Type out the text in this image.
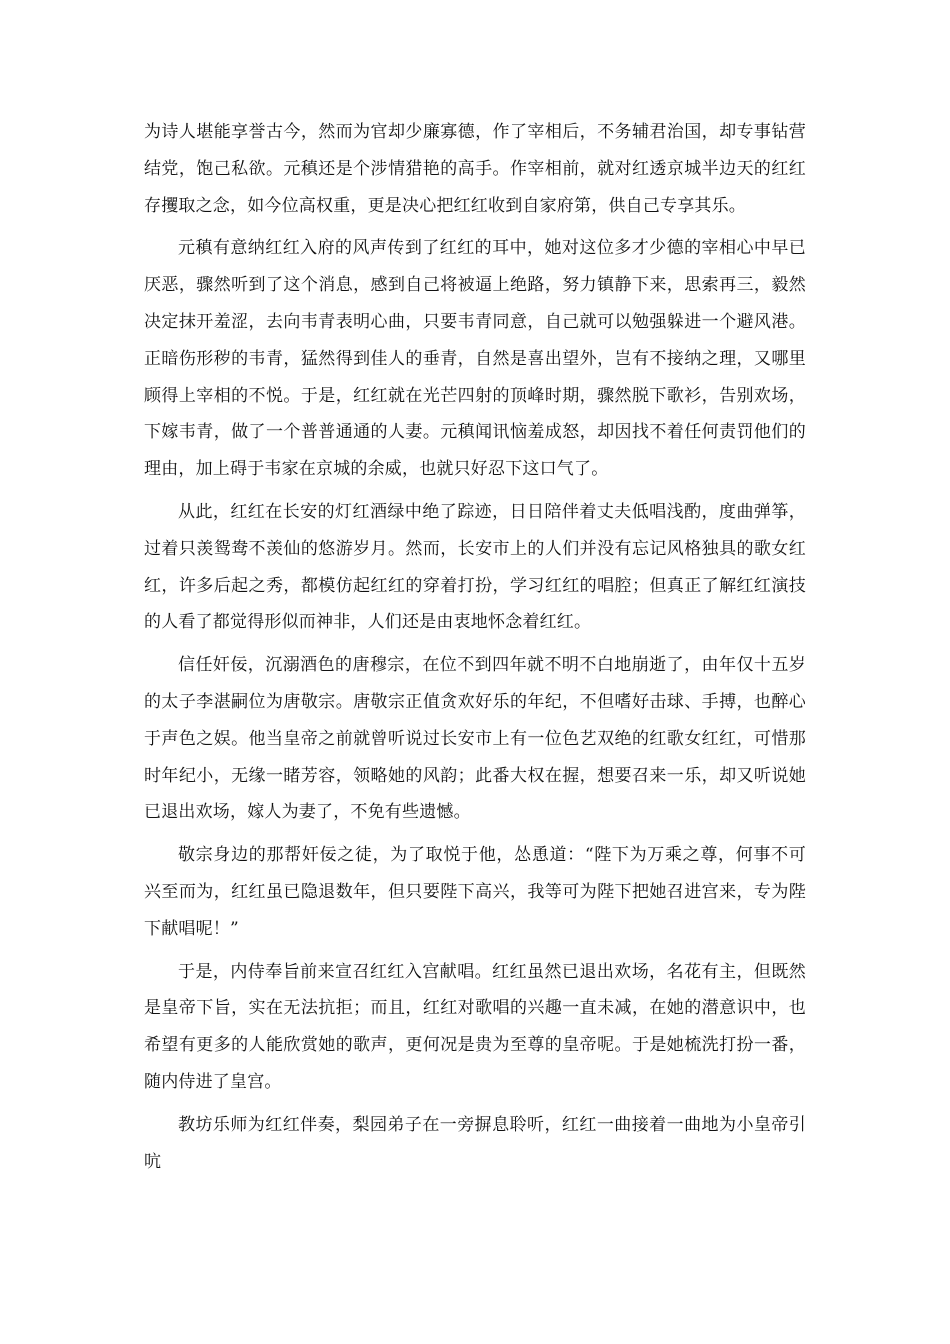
为诗人堪能享誉古今，然而为官却少廉寡德，作了宰相后，不务辅君治国，却专事钻营结党，饱己私欲。元稹还是个涉情猎艳的高手。作宰相前，就对红透京城半边天的红红存攫取之念，如今位高权重，更是决心把红红收到自家府第，供自己专享其乐。

元稹有意纳红红入府的风声传到了红红的耳中，她对这位多才少德的宰相心中早已厌恶，骤然听到了这个消息，感到自己将被逼上绝路，努力镇静下来，思索再三，毅然决定抹开羞涩，去向韦青表明心曲，只要韦青同意，自己就可以勉强躲进一个避风港。正暗伤形秽的韦青，猛然得到佳人的垂青，自然是喜出望外，岂有不接纳之理，又哪里顾得上宰相的不悦。于是，红红就在光芒四射的顶峰时期，骤然脱下歌衫，告别欢场，下嫁韦青，做了一个普普通通的人妻。元稹闻讯恼羞成怒，却因找不着任何责罚他们的理由，加上碍于韦家在京城的余威，也就只好忍下这口气了。

从此，红红在长安的灯红酒绿中绝了踪迹，日日陪伴着丈夫低唱浅酌，度曲弹筝，过着只羡鸳鸯不羡仙的悠游岁月。然而，长安市上的人们并没有忘记风格独具的歌女红红，许多后起之秀，都模仿起红红的穿着打扮，学习红红的唱腔；但真正了解红红演技的人看了都觉得形似而神非，人们还是由衷地怀念着红红。

信任奸佞，沉溺酒色的唐穆宗，在位不到四年就不明不白地崩逝了，由年仅十五岁的太子李湛嗣位为唐敬宗。唐敬宗正值贪欢好乐的年纪，不但嗜好击球、手搏，也醉心于声色之娱。他当皇帝之前就曾听说过长安市上有一位色艺双绝的红歌女红红，可惜那时年纪小，无缘一睹芳容，领略她的风韵；此番大权在握，想要召来一乐，却又听说她已退出欢场，嫁人为妻了，不免有些遗憾。

敬宗身边的那帮奸佞之徒，为了取悦于他，怂恿道：“陛下为万乘之尊，何事不可兴至而为，红红虽已隐退数年，但只要陛下高兴，我等可为陛下把她召进宫来，专为陛下献唱呢！”

于是，内侍奉旨前来宣召红红入宫献唱。红红虽然已退出欢场，名花有主，但既然是皇帝下旨，实在无法抗拒；而且，红红对歌唱的兴趣一直未减，在她的潜意识中，也希望有更多的人能欣赏她的歌声，更何况是贵为至尊的皇帝呢。于是她梳洗打扮一番，随内侍进了皇宫。

教坊乐师为红红伴奏，梨园弟子在一旁摒息聆听，红红一曲接着一曲地为小皇帝引吭
